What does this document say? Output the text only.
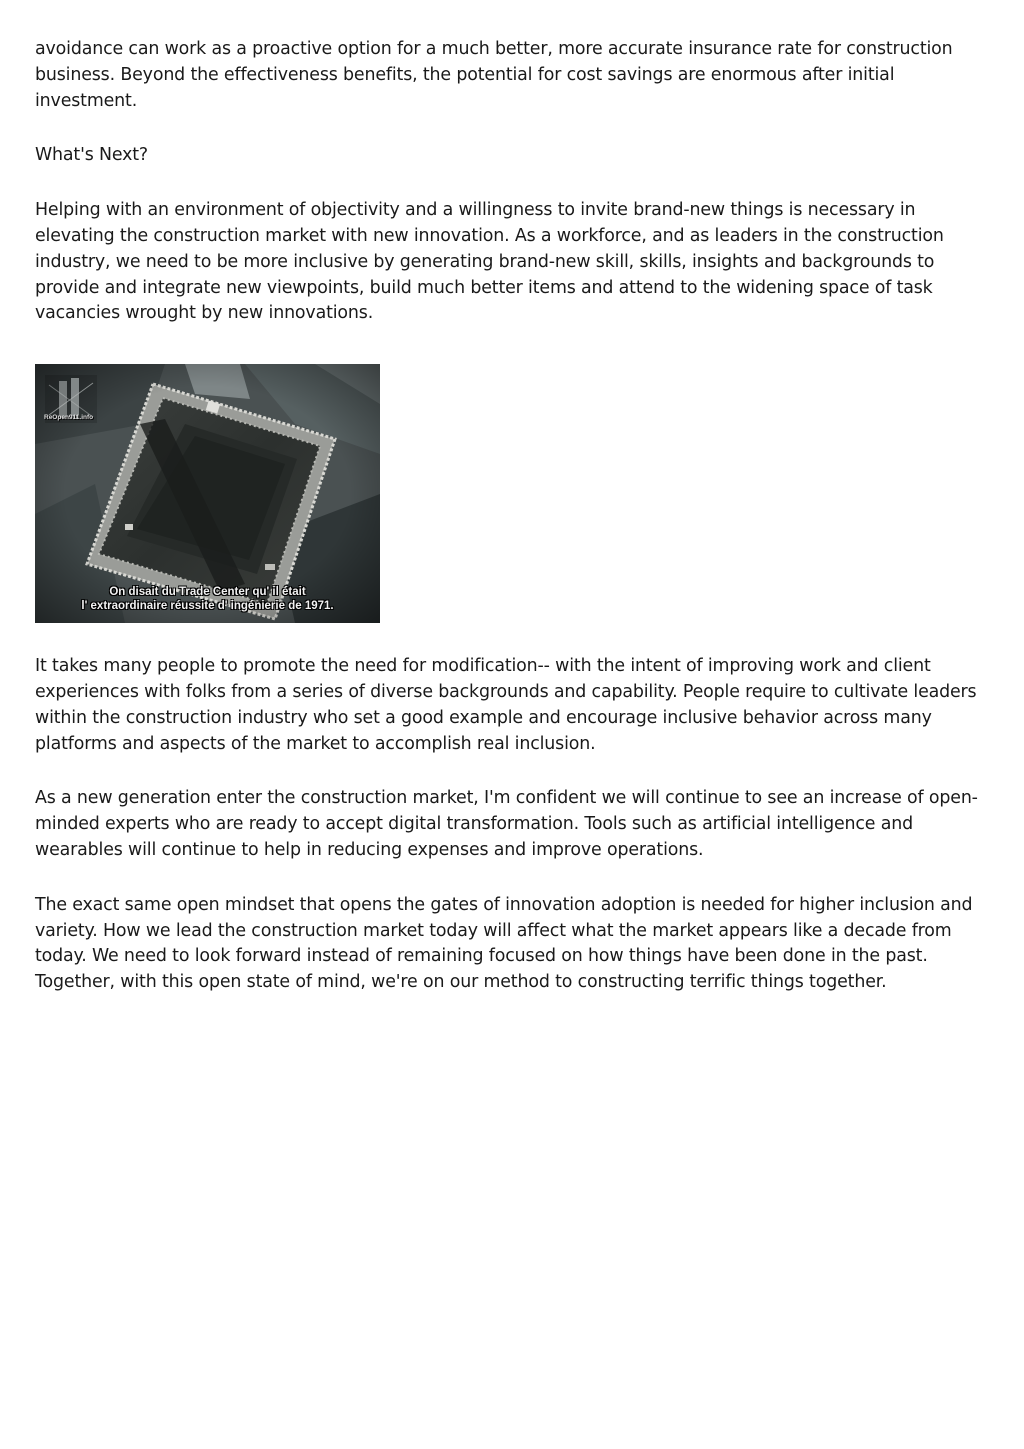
avoidance can work as a proactive option for a much better, more accurate insurance rate for construction business. Beyond the effectiveness benefits, the potential for cost savings are enormous after initial investment.

What's Next?

Helping with an environment of objectivity and a willingness to invite brand-new things is necessary in elevating the construction market with new innovation. As a workforce, and as leaders in the construction industry, we need to be more inclusive by generating brand-new skill, skills, insights and backgrounds to provide and integrate new viewpoints, build much better items and attend to the widening space of task vacancies wrought by new innovations.

ReOpen911.info
On disait du Trade Center qu' il était
l' extraordinaire réussite d' ingénierie de 1971.

It takes many people to promote the need for modification-- with the intent of improving work and client experiences with folks from a series of diverse backgrounds and capability. People require to cultivate leaders within the construction industry who set a good example and encourage inclusive behavior across many platforms and aspects of the market to accomplish real inclusion.

As a new generation enter the construction market, I'm confident we will continue to see an increase of open-minded experts who are ready to accept digital transformation. Tools such as artificial intelligence and wearables will continue to help in reducing expenses and improve operations.

The exact same open mindset that opens the gates of innovation adoption is needed for higher inclusion and variety. How we lead the construction market today will affect what the market appears like a decade from today. We need to look forward instead of remaining focused on how things have been done in the past. Together, with this open state of mind, we're on our method to constructing terrific things together.
